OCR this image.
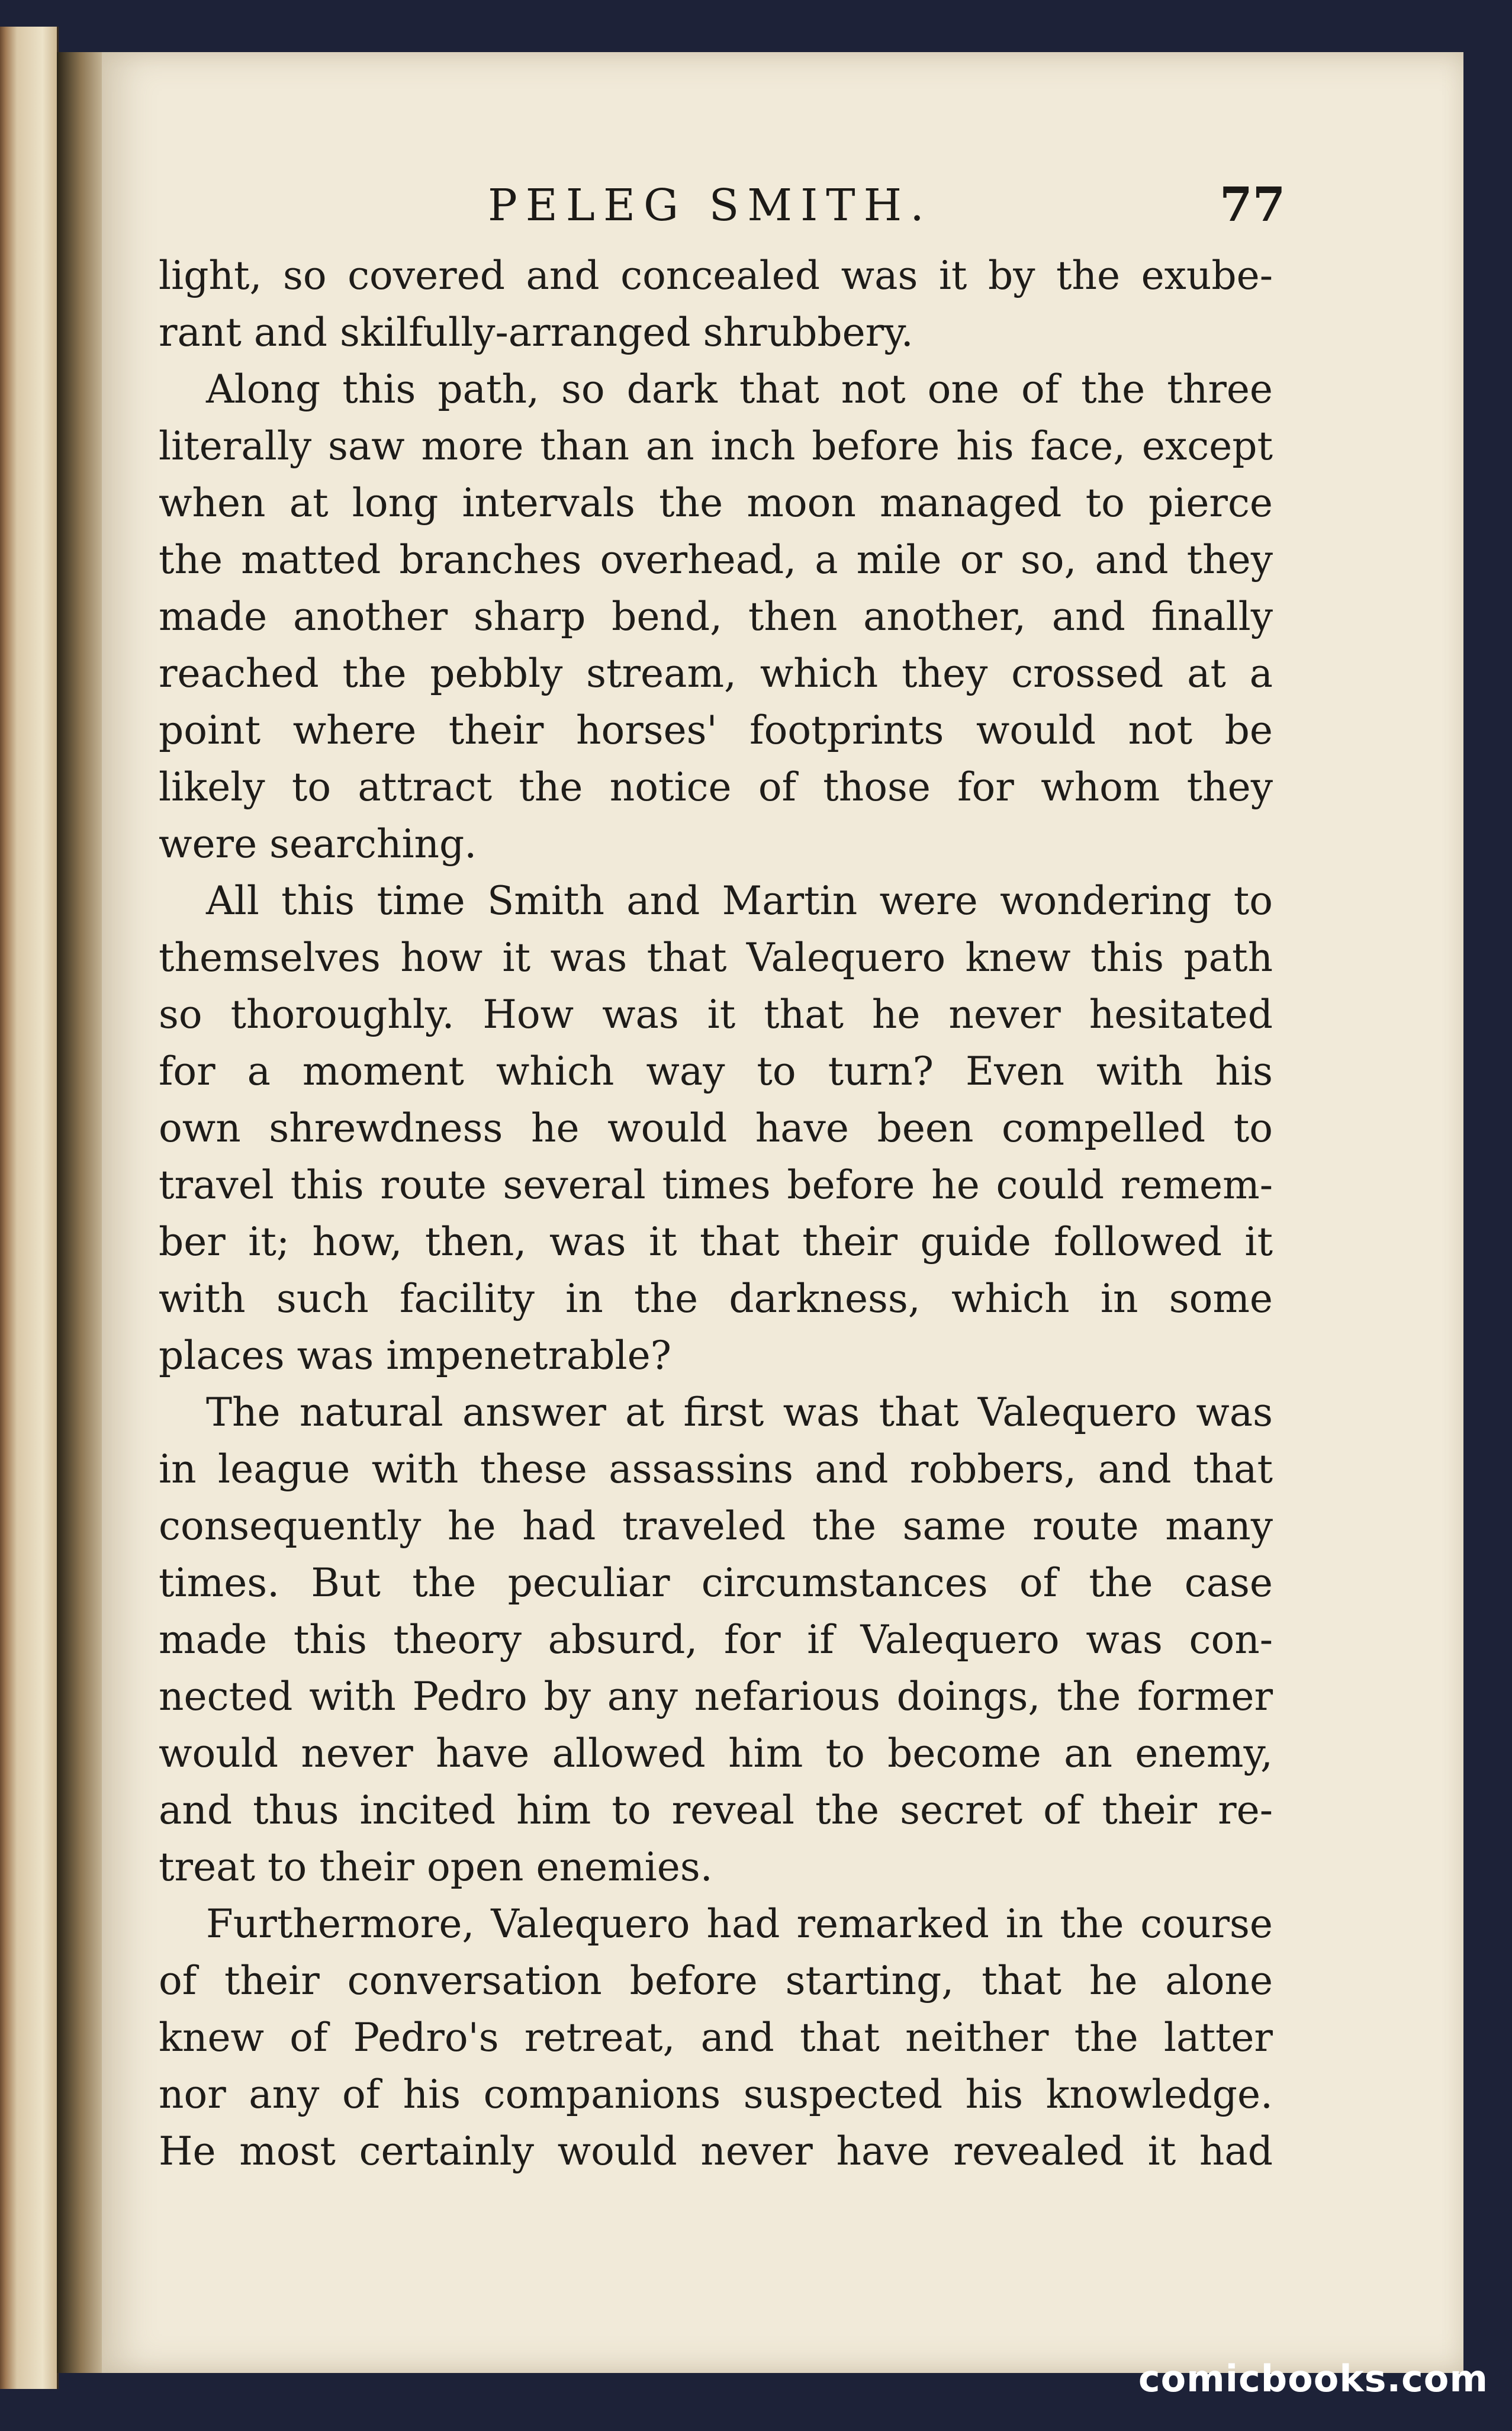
PELEG SMITH.	77
light, so covered and concealed was it by the exube-
rant and skilfully-arranged shrubbery.
Along this path, so dark that not one of the three
literally saw more than an inch before his face, except
when at long intervals the moon managed to pierce
the matted branches overhead, a mile or so, and they
made another sharp bend, then another, and finally
reached the pebbly stream, which they crossed at a
point where their horses' footprints would not be
likely to attract the notice of those for whom they
were searching.
All this time Smith and Martin were wondering to
themselves how it was that Valequero knew this path
so thoroughly. How was it that he never hesitated
for a moment which way to turn? Even with his
own shrewdness he would have been compelled to
travel this route several times before he could remem-
ber it; how, then, was it that their guide followed it
with such facility in the darkness, which in some
places was impenetrable?
The natural answer at first was that Valequero was
in league with these assassins and robbers, and that
consequently he had traveled the same route many
times. But the peculiar circumstances of the case
made this theory absurd, for if Valequero was con-
nected with Pedro by any nefarious doings, the former
would never have allowed him to become an enemy,
and thus incited him to reveal the secret of their re-
treat to their open enemies.
Furthermore, Valequero had remarked in the course
of their conversation before starting, that he alone
knew of Pedro's retreat, and that neither the latter
nor any of his companions suspected his knowledge.
He most certainly would never have revealed it had
comicbooks.com
